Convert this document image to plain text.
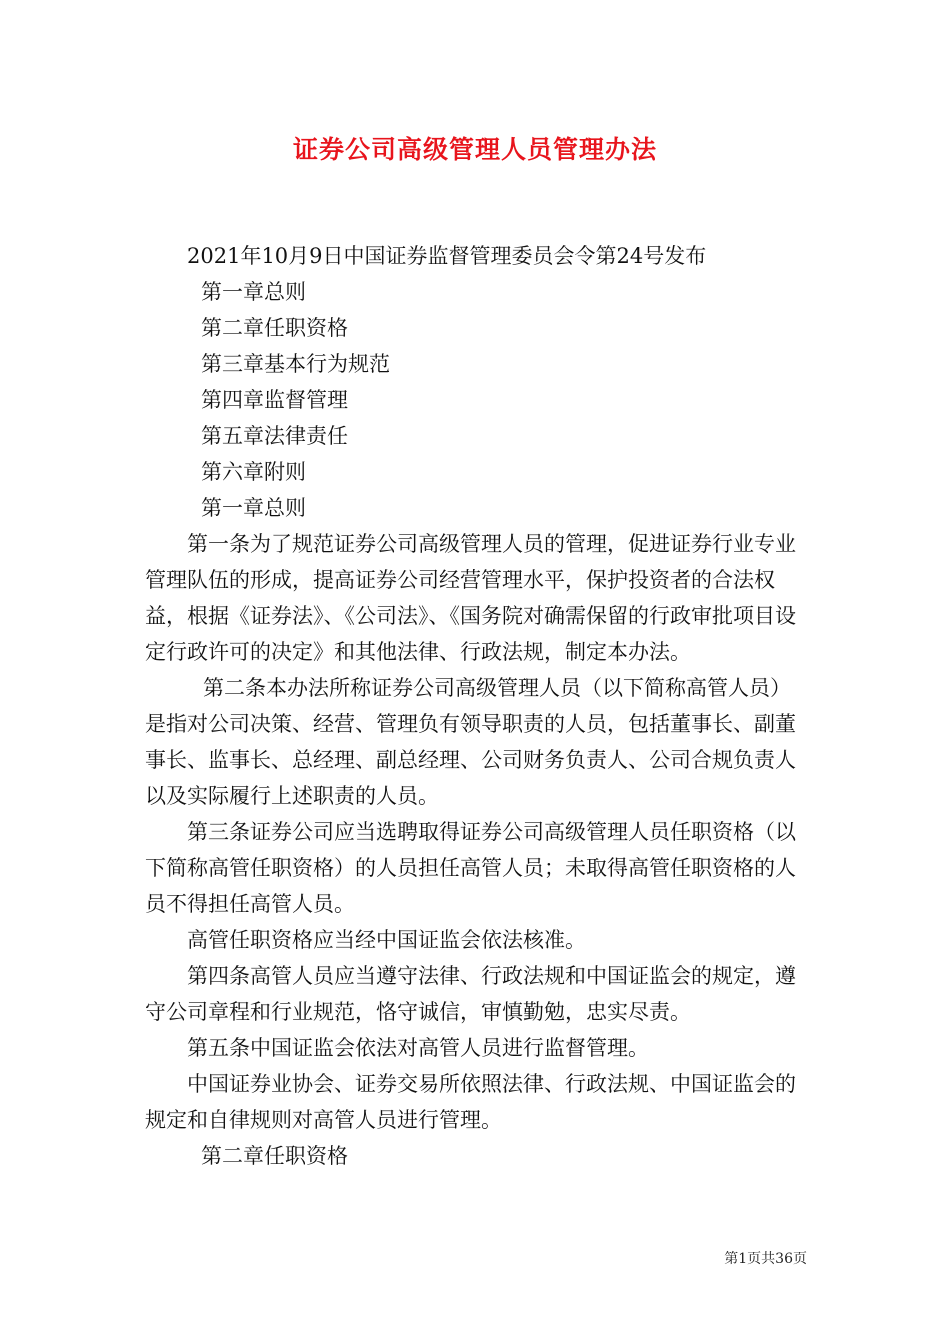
证券公司高级管理人员管理办法

2021年10月9日中国证券监督管理委员会令第24号发布

第一章总则

第二章任职资格

第三章基本行为规范

第四章监督管理

第五章法律责任

第六章附则

第一章总则

第一条为了规范证券公司高级管理人员的管理，促进证券行业专业管理队伍的形成，提高证券公司经营管理水平，保护投资者的合法权益，根据《证券法》、《公司法》、《国务院对确需保留的行政审批项目设定行政许可的决定》和其他法律、行政法规，制定本办法。

第二条本办法所称证券公司高级管理人员（以下简称高管人员）是指对公司决策、经营、管理负有领导职责的人员，包括董事长、副董事长、监事长、总经理、副总经理、公司财务负责人、公司合规负责人以及实际履行上述职责的人员。

第三条证券公司应当选聘取得证券公司高级管理人员任职资格（以下简称高管任职资格）的人员担任高管人员；未取得高管任职资格的人员不得担任高管人员。

高管任职资格应当经中国证监会依法核准。

第四条高管人员应当遵守法律、行政法规和中国证监会的规定，遵守公司章程和行业规范，恪守诚信，审慎勤勉，忠实尽责。

第五条中国证监会依法对高管人员进行监督管理。

中国证券业协会、证券交易所依照法律、行政法规、中国证监会的规定和自律规则对高管人员进行管理。

第二章任职资格

第1页共36页
